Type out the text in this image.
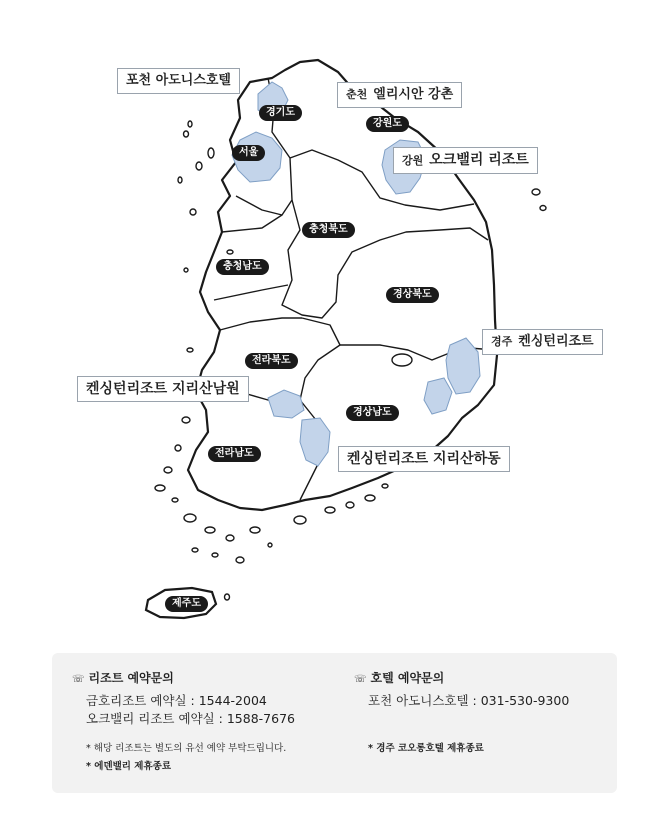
경기도
서울
강원도
충청북도
충청남도
경상북도
전라북도
경상남도
전라남도
제주도
포천 아도니스호텔
춘천 엘리시안 강촌
강원 오크밸리 리조트
경주 켄싱턴리조트
켄싱턴리조트 지리산남원
켄싱턴리조트 지리산하동
☏ 리조트 예약문의
금호리조트 예약실 : 1544-2004
오크밸리 리조트 예약실 : 1588-7676
* 해당 리조트는 별도의 유선 예약 부탁드립니다.
* 에덴밸리 제휴종료
☏ 호텔 예약문의
포천 아도니스호텔 : 031-530-9300
* 경주 코오롱호텔 제휴종료
